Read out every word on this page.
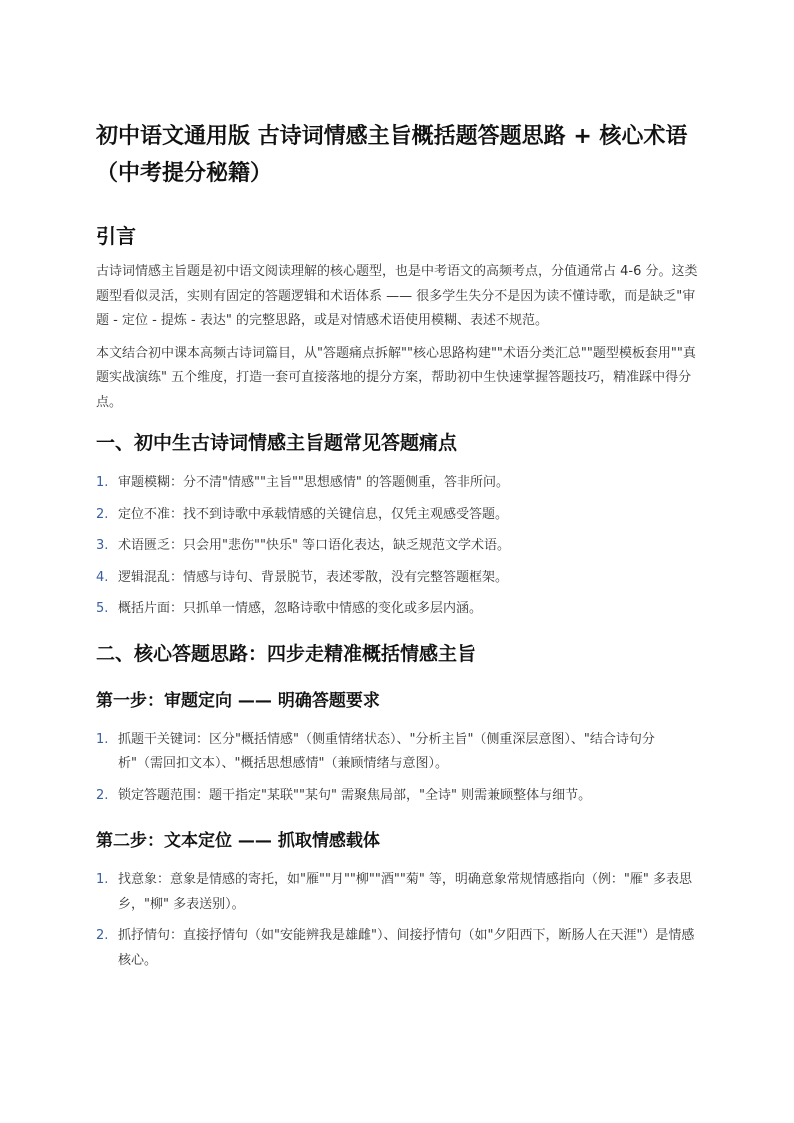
初中语文通用版 古诗词情感主旨概括题答题思路 + 核心术语（中考提分秘籍）
引言

古诗词情感主旨题是初中语文阅读理解的核心题型，也是中考语文的高频考点，分值通常占 4-6 分。这类题型看似灵活，实则有固定的答题逻辑和术语体系 —— 很多学生失分不是因为读不懂诗歌，而是缺乏"审题 - 定位 - 提炼 - 表达" 的完整思路，或是对情感术语使用模糊、表述不规范。

本文结合初中课本高频古诗词篇目，从"答题痛点拆解""核心思路构建""术语分类汇总""题型模板套用""真题实战演练" 五个维度，打造一套可直接落地的提分方案，帮助初中生快速掌握答题技巧，精准踩中得分点。

一、初中生古诗词情感主旨题常见答题痛点
1. 审题模糊：分不清"情感""主旨""思想感情" 的答题侧重，答非所问。
2. 定位不准：找不到诗歌中承载情感的关键信息，仅凭主观感受答题。
3. 术语匮乏：只会用"悲伤""快乐" 等口语化表达，缺乏规范文学术语。
4. 逻辑混乱：情感与诗句、背景脱节，表述零散，没有完整答题框架。
5. 概括片面：只抓单一情感，忽略诗歌中情感的变化或多层内涵。
二、核心答题思路：四步走精准概括情感主旨
第一步：审题定向 —— 明确答题要求
1. 抓题干关键词：区分"概括情感"（侧重情绪状态）、"分析主旨"（侧重深层意图）、"结合诗句分析"（需回扣文本）、"概括思想感情"（兼顾情绪与意图）。
2. 锁定答题范围：题干指定"某联""某句" 需聚焦局部，"全诗" 则需兼顾整体与细节。
第二步：文本定位 —— 抓取情感载体
1. 找意象：意象是情感的寄托，如"雁""月""柳""酒""菊" 等，明确意象常规情感指向（例："雁" 多表思乡，"柳" 多表送别）。
2. 抓抒情句：直接抒情句（如"安能辨我是雄雌"）、间接抒情句（如"夕阳西下，断肠人在天涯"）是情感核心。
